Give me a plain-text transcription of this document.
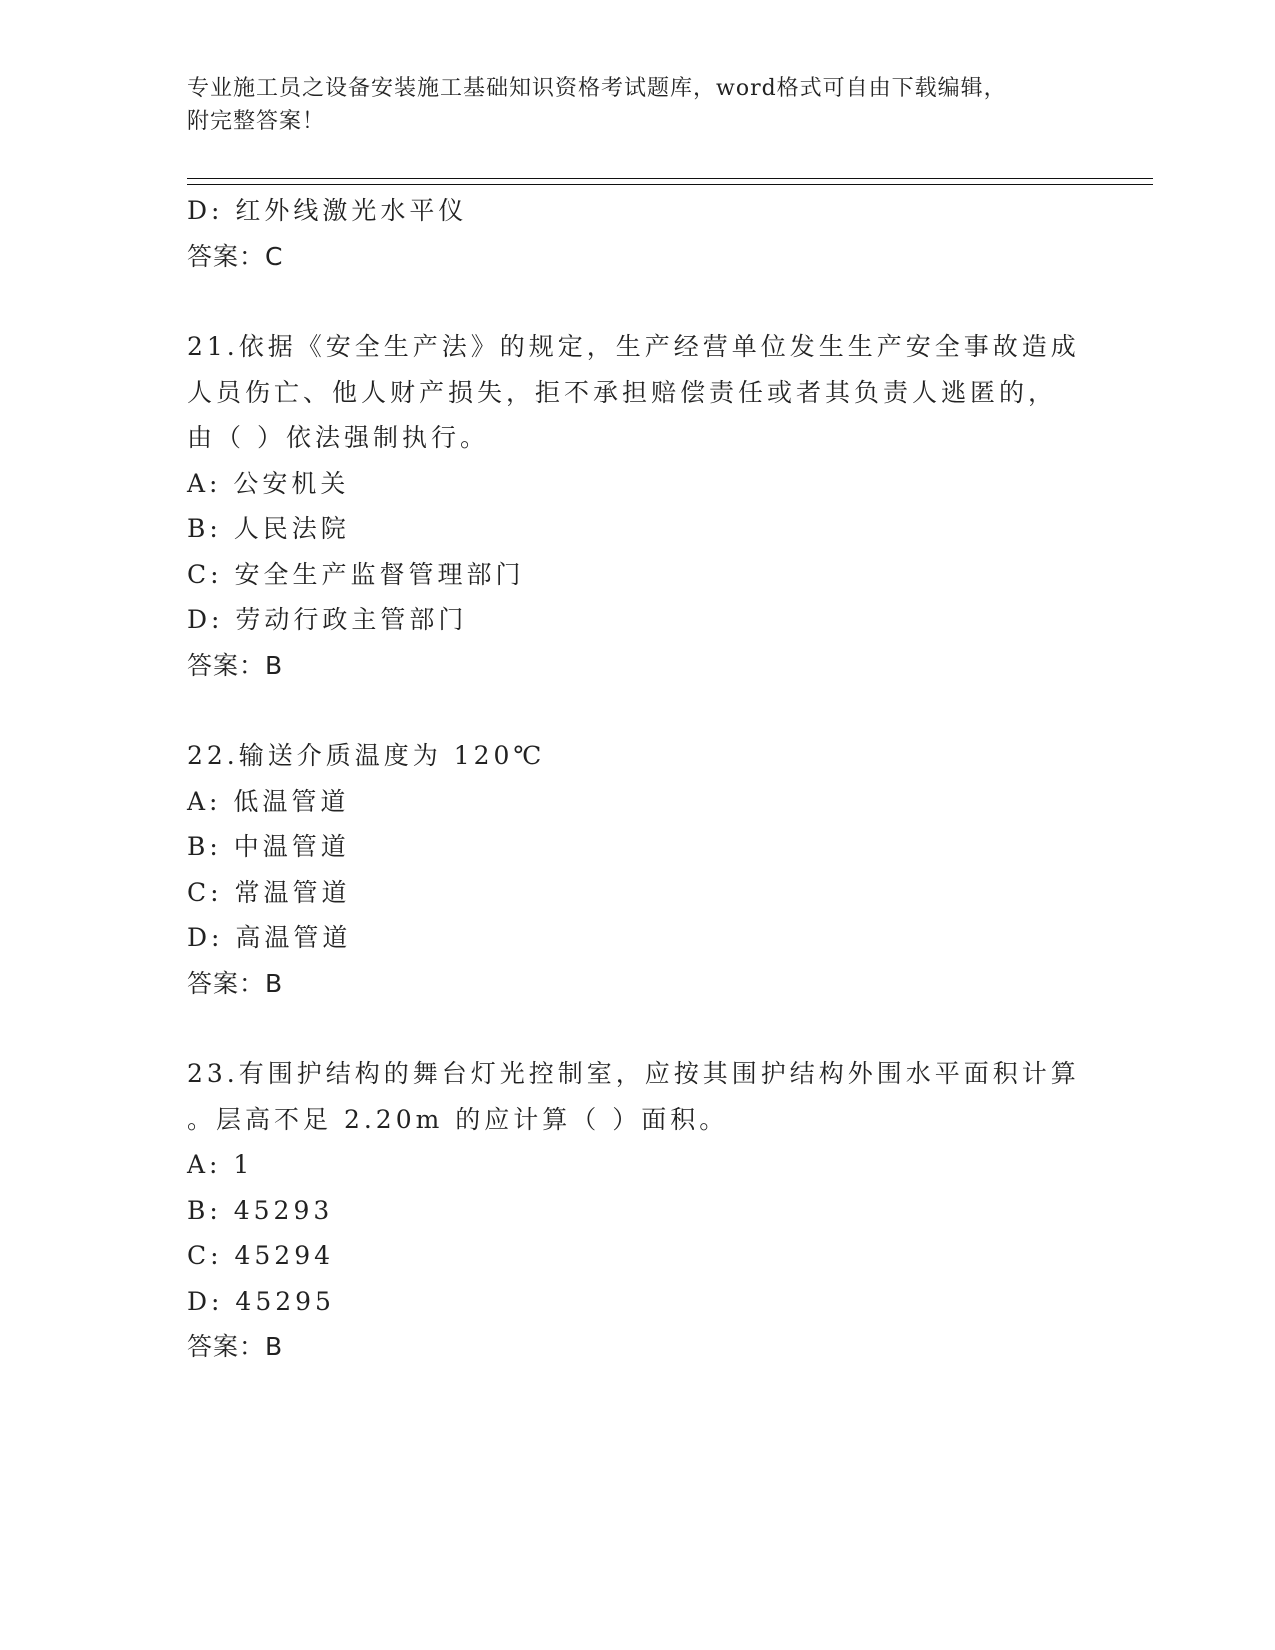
专业施工员之设备安装施工基础知识资格考试题库，word格式可自由下载编辑，
附完整答案！
D: 红外线激光水平仪
答案：C
21.依据《安全生产法》的规定，生产经营单位发生生产安全事故造成
人员伤亡、他人财产损失，拒不承担赔偿责任或者其负责人逃匿的，
由（ ）依法强制执行。
A: 公安机关
B: 人民法院
C: 安全生产监督管理部门
D: 劳动行政主管部门
答案：B
22.输送介质温度为 120℃
A: 低温管道
B: 中温管道
C: 常温管道
D: 高温管道
答案：B
23.有围护结构的舞台灯光控制室，应按其围护结构外围水平面积计算
。层高不足 2.20m 的应计算（ ）面积。
A: 1
B: 45293
C: 45294
D: 45295
答案：B
